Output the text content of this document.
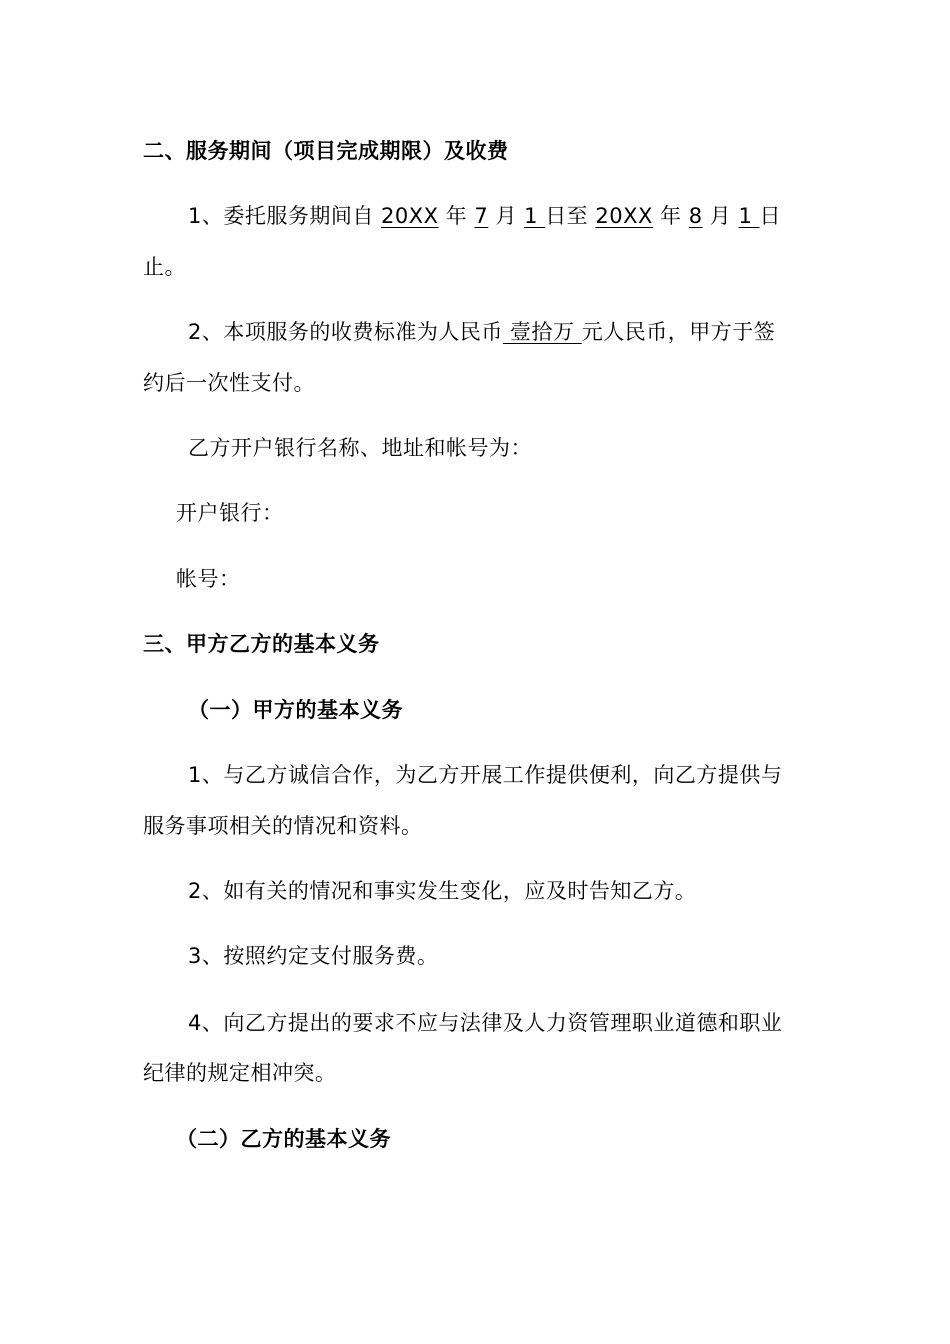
二、服务期间（项目完成期限）及收费
1、委托服务期间自 20XX 年 7 月 1 日至 20XX 年 8 月 1 日
止。
2、本项服务的收费标准为人民币 壹拾万 元人民币，甲方于签
约后一次性支付。
乙方开户银行名称、地址和帐号为：
开户银行：
帐号：
三、甲方乙方的基本义务
（一）甲方的基本义务
1、与乙方诚信合作，为乙方开展工作提供便利，向乙方提供与
服务事项相关的情况和资料。
2、如有关的情况和事实发生变化，应及时告知乙方。
3、按照约定支付服务费。
4、向乙方提出的要求不应与法律及人力资管理职业道德和职业
纪律的规定相冲突。
（二）乙方的基本义务
